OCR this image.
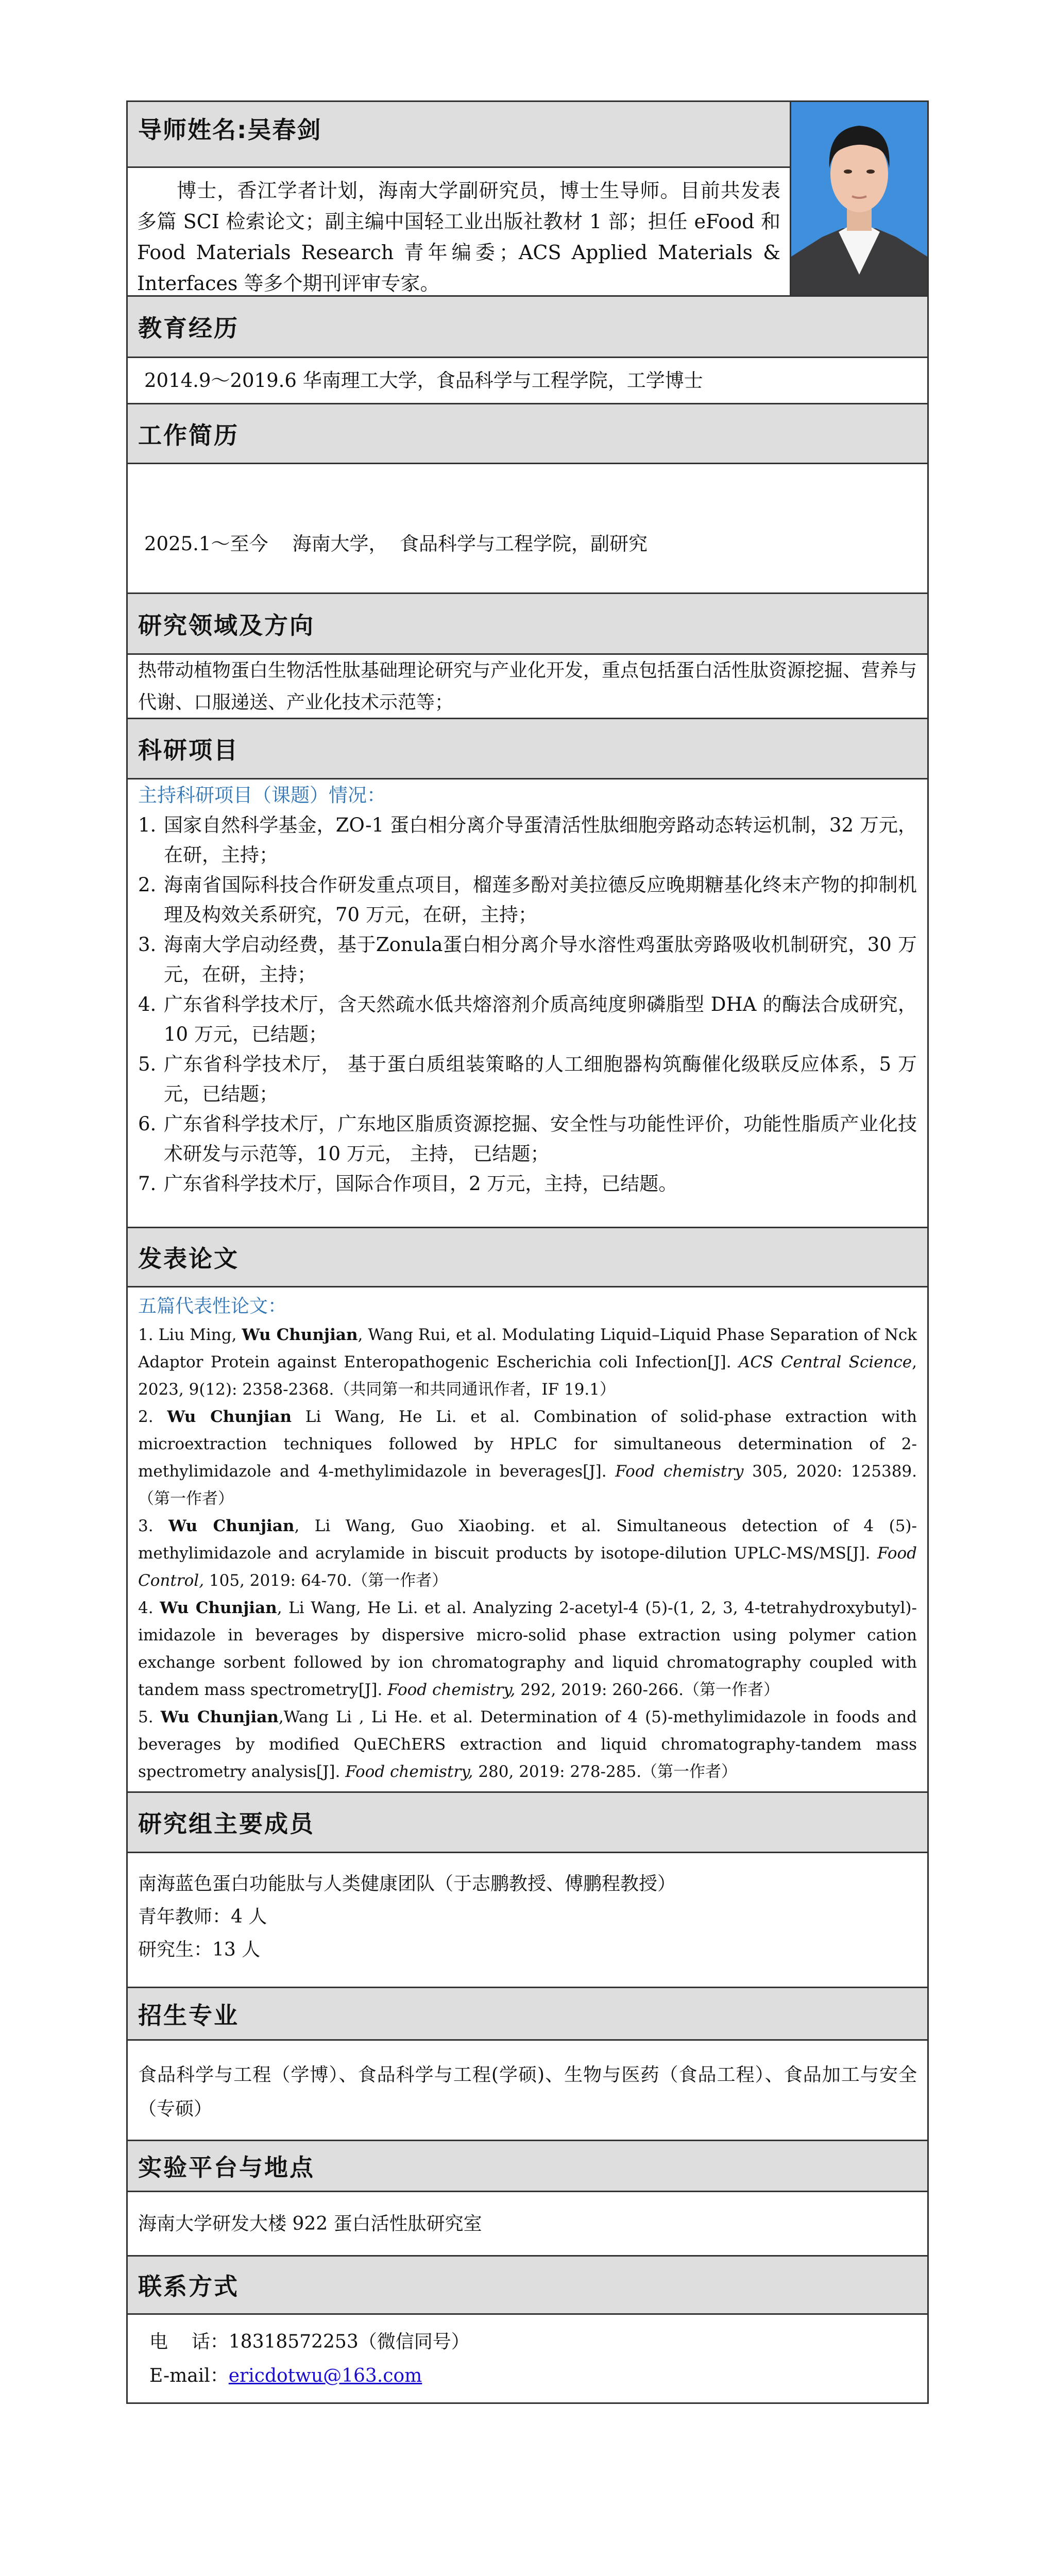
导师姓名:吴春剑
博士，香江学者计划，海南大学副研究员，博士生导师。目前共发表多篇 SCI 检索论文；副主编中国轻工业出版社教材 1 部；担任 eFood 和 Food Materials Research 青年编委；ACS Applied Materials & Interfaces 等多个期刊评审专家。
教育经历
2014.9～2019.6 华南理工大学，食品科学与工程学院，工学博士
工作简历

2025.1～至今    海南大学，  食品科学与工程学院，副研究

研究领域及方向
热带动植物蛋白生物活性肽基础理论研究与产业化开发，重点包括蛋白活性肽资源挖掘、营养与代谢、口服递送、产业化技术示范等；
科研项目
主持科研项目（课题）情况：
1. 国家自然科学基金，ZO-1 蛋白相分离介导蛋清活性肽细胞旁路动态转运机制，32 万元，在研，主持；
2. 海南省国际科技合作研发重点项目，榴莲多酚对美拉德反应晚期糖基化终末产物的抑制机理及构效关系研究，70 万元，在研，主持；
3. 海南大学启动经费，基于Zonula蛋白相分离介导水溶性鸡蛋肽旁路吸收机制研究，30 万元，在研，主持；
4. 广东省科学技术厅，含天然疏水低共熔溶剂介质高纯度卵磷脂型 DHA 的酶法合成研究，10 万元，已结题；
5. 广东省科学技术厅， 基于蛋白质组装策略的人工细胞器构筑酶催化级联反应体系，5 万元，已结题；
6. 广东省科学技术厅，广东地区脂质资源挖掘、安全性与功能性评价，功能性脂质产业化技术研发与示范等，10 万元， 主持， 已结题；
7. 广东省科学技术厅，国际合作项目，2 万元，主持，已结题。
发表论文
五篇代表性论文：
1. Liu Ming, Wu Chunjian, Wang Rui, et al. Modulating Liquid–Liquid Phase Separation of Nck Adaptor Protein against Enteropathogenic Escherichia coli Infection[J]. ACS Central Science, 2023, 9(12): 2358-2368.（共同第一和共同通讯作者，IF 19.1）
2. Wu Chunjian Li Wang, He Li. et al. Combination of solid-phase extraction with microextraction techniques followed by HPLC for simultaneous determination of 2-methylimidazole and 4-methylimidazole in beverages[J]. Food chemistry 305, 2020: 125389.（第一作者）
3. Wu Chunjian, Li Wang, Guo Xiaobing. et al. Simultaneous detection of 4 (5)-methylimidazole and acrylamide in biscuit products by isotope-dilution UPLC-MS/MS[J]. Food Control, 105, 2019: 64-70.（第一作者）
4. Wu Chunjian, Li Wang, He Li. et al. Analyzing 2-acetyl-4 (5)-(1, 2, 3, 4-tetrahydroxybutyl)-imidazole in beverages by dispersive micro-solid phase extraction using polymer cation exchange sorbent followed by ion chromatography and liquid chromatography coupled with tandem mass spectrometry[J]. Food chemistry, 292, 2019: 260-266.（第一作者）
5. Wu Chunjian,Wang Li , Li He. et al. Determination of 4 (5)-methylimidazole in foods and beverages by modified QuEChERS extraction and liquid chromatography-tandem mass spectrometry analysis[J]. Food chemistry, 280, 2019: 278-285.（第一作者）
研究组主要成员
南海蓝色蛋白功能肽与人类健康团队（于志鹏教授、傅鹏程教授）
青年教师：4 人
研究生：13 人
招生专业
食品科学与工程（学博）、食品科学与工程(学硕)、生物与医药（食品工程）、食品加工与安全（专硕）
实验平台与地点
海南大学研发大楼 922 蛋白活性肽研究室
联系方式
电    话：18318572253（微信同号）
E-mail：ericdotwu@163.com
